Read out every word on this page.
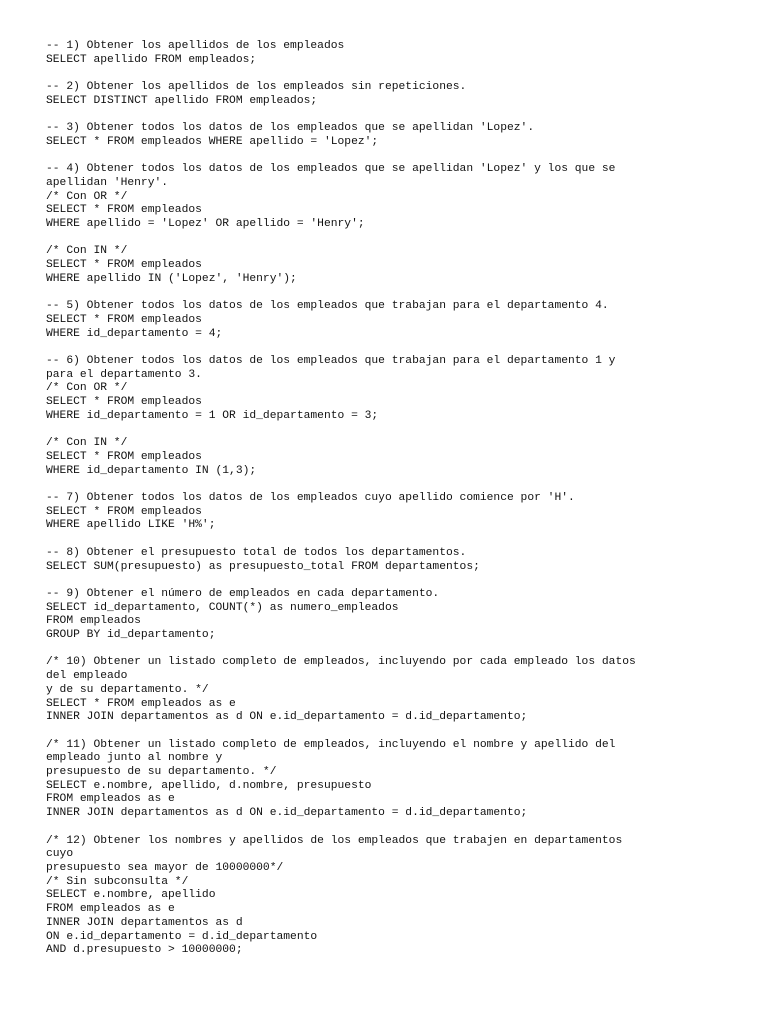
-- 1) Obtener los apellidos de los empleados
SELECT apellido FROM empleados;
-- 2) Obtener los apellidos de los empleados sin repeticiones.
SELECT DISTINCT apellido FROM empleados;
-- 3) Obtener todos los datos de los empleados que se apellidan 'Lopez'.
SELECT * FROM empleados WHERE apellido = 'Lopez';
-- 4) Obtener todos los datos de los empleados que se apellidan 'Lopez' y los que se
apellidan 'Henry'.
/* Con OR */
SELECT * FROM empleados
WHERE apellido = 'Lopez' OR apellido = 'Henry';
/* Con IN */
SELECT * FROM empleados
WHERE apellido IN ('Lopez', 'Henry');
-- 5) Obtener todos los datos de los empleados que trabajan para el departamento 4.
SELECT * FROM empleados
WHERE id_departamento = 4;
-- 6) Obtener todos los datos de los empleados que trabajan para el departamento 1 y
para el departamento 3.
/* Con OR */
SELECT * FROM empleados
WHERE id_departamento = 1 OR id_departamento = 3;
/* Con IN */
SELECT * FROM empleados
WHERE id_departamento IN (1,3);
-- 7) Obtener todos los datos de los empleados cuyo apellido comience por 'H'.
SELECT * FROM empleados
WHERE apellido LIKE 'H%';
-- 8) Obtener el presupuesto total de todos los departamentos.
SELECT SUM(presupuesto) as presupuesto_total FROM departamentos;
-- 9) Obtener el número de empleados en cada departamento.
SELECT id_departamento, COUNT(*) as numero_empleados
FROM empleados
GROUP BY id_departamento;
/* 10) Obtener un listado completo de empleados, incluyendo por cada empleado los datos
del empleado
y de su departamento. */
SELECT * FROM empleados as e
INNER JOIN departamentos as d ON e.id_departamento = d.id_departamento;
/* 11) Obtener un listado completo de empleados, incluyendo el nombre y apellido del
empleado junto al nombre y
presupuesto de su departamento. */
SELECT e.nombre, apellido, d.nombre, presupuesto
FROM empleados as e
INNER JOIN departamentos as d ON e.id_departamento = d.id_departamento;
/* 12) Obtener los nombres y apellidos de los empleados que trabajen en departamentos
cuyo
presupuesto sea mayor de 10000000*/
/* Sin subconsulta */
SELECT e.nombre, apellido
FROM empleados as e
INNER JOIN departamentos as d
ON e.id_departamento = d.id_departamento
AND d.presupuesto > 10000000;
